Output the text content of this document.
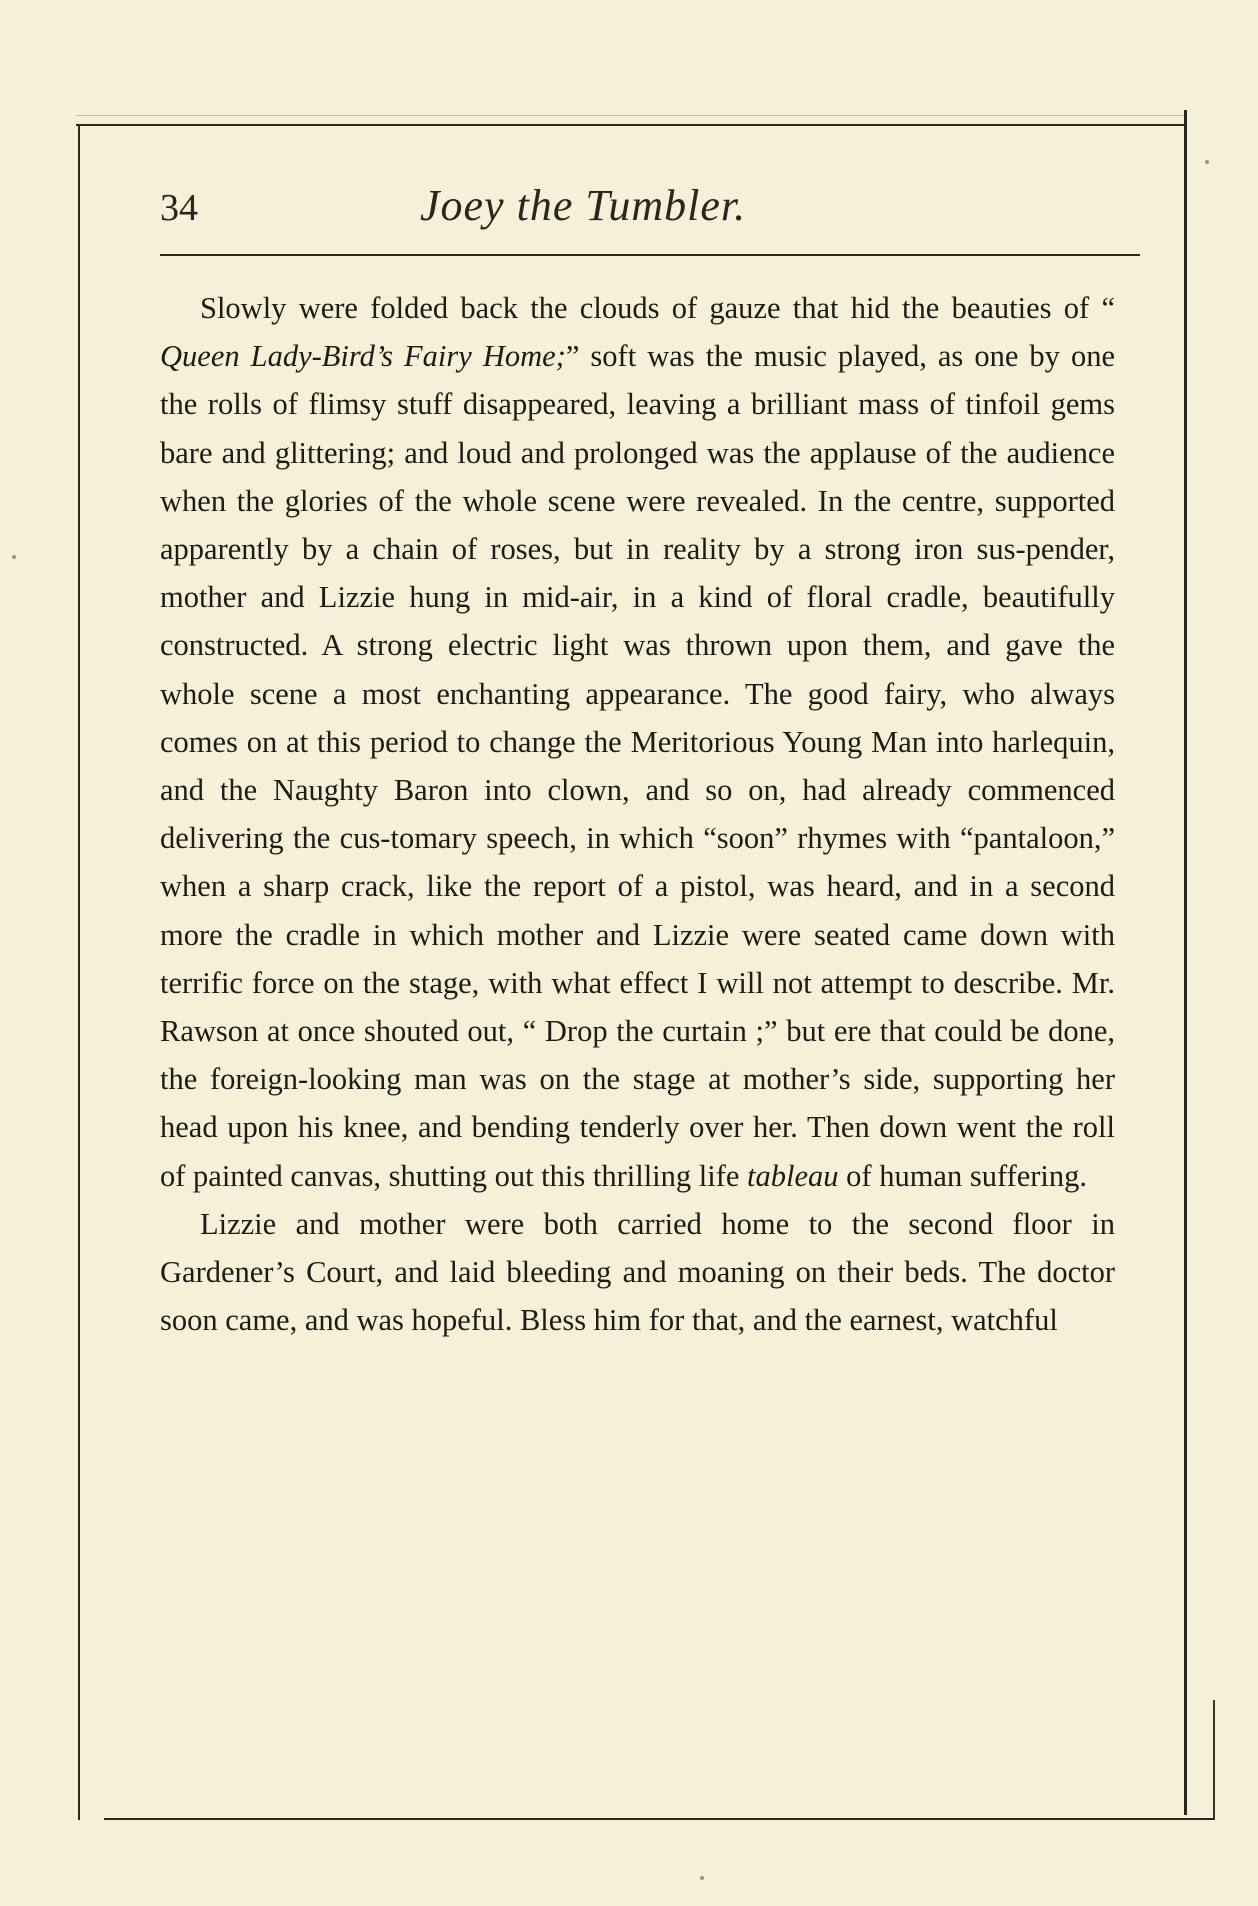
34	Joey the Tumbler.

Slowly were folded back the clouds of gauze that hid the beauties of “ Queen Lady-Bird’s Fairy Home;” soft was the music played, as one by one the rolls of flimsy stuff disappeared, leaving a brilliant mass of tinfoil gems bare and glittering; and loud and prolonged was the applause of the audience when the glories of the whole scene were revealed. In the centre, supported apparently by a chain of roses, but in reality by a strong iron sus-pender, mother and Lizzie hung in mid-air, in a kind of floral cradle, beautifully constructed. A strong electric light was thrown upon them, and gave the whole scene a most enchanting appearance. The good fairy, who always comes on at this period to change the Meritorious Young Man into harlequin, and the Naughty Baron into clown, and so on, had already commenced delivering the cus-tomary speech, in which “soon” rhymes with “pantaloon,” when a sharp crack, like the report of a pistol, was heard, and in a second more the cradle in which mother and Lizzie were seated came down with terrific force on the stage, with what effect I will not attempt to describe. Mr. Rawson at once shouted out, “ Drop the curtain ;” but ere that could be done, the foreign-looking man was on the stage at mother’s side, supporting her head upon his knee, and bending tenderly over her. Then down went the roll of painted canvas, shutting out this thrilling life tableau of human suffering.

Lizzie and mother were both carried home to the second floor in Gardener’s Court, and laid bleeding and moaning on their beds. The doctor soon came, and was hopeful. Bless him for that, and the earnest, watchful
